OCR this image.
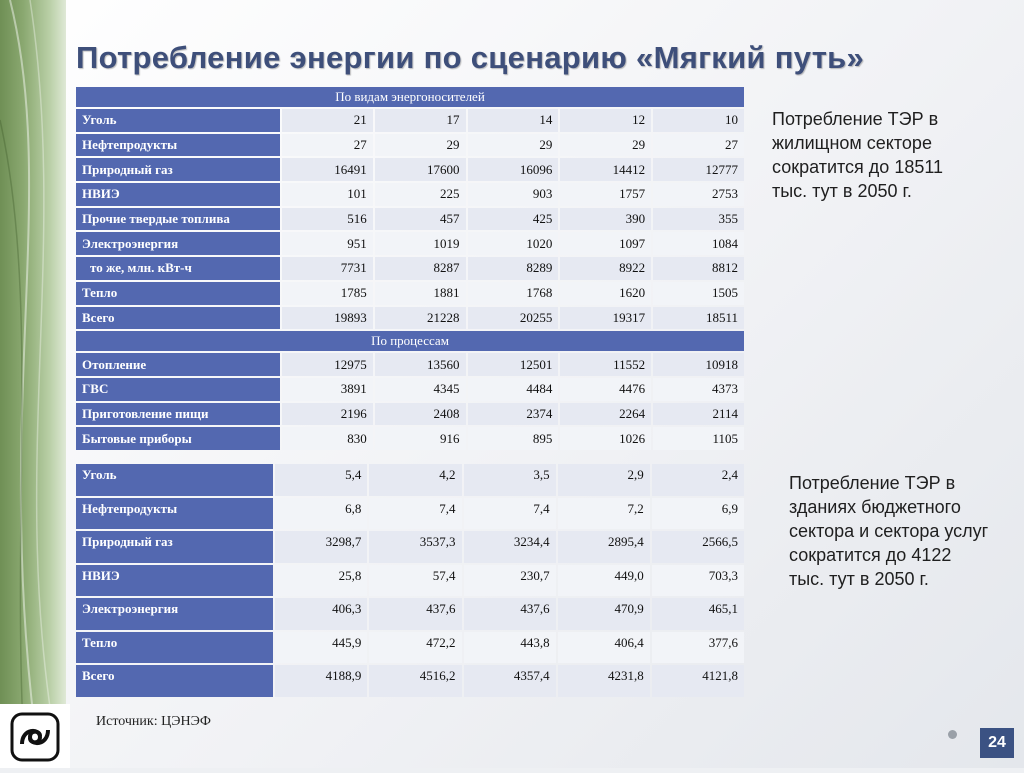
Потребление энергии по сценарию «Мягкий путь»
По видам энергоносителей					
Уголь	21	17	14	12	10
Нефтепродукты	27	29	29	29	27
Природный газ	16491	17600	16096	14412	12777
НВИЭ	101	225	903	1757	2753
Прочие твердые топлива	516	457	425	390	355
Электроэнергия	951	1019	1020	1097	1084
то же, млн. кВт-ч	7731	8287	8289	8922	8812
Тепло	1785	1881	1768	1620	1505
Всего	19893	21228	20255	19317	18511
По процессам					
Отопление	12975	13560	12501	11552	10918
ГВС	3891	4345	4484	4476	4373
Приготовление пищи	2196	2408	2374	2264	2114
Бытовые приборы	830	916	895	1026	1105
Уголь	5,4	4,2	3,5	2,9	2,4
Нефтепродукты	6,8	7,4	7,4	7,2	6,9
Природный газ	3298,7	3537,3	3234,4	2895,4	2566,5
НВИЭ	25,8	57,4	230,7	449,0	703,3
Электроэнергия	406,3	437,6	437,6	470,9	465,1
Тепло	445,9	472,2	443,8	406,4	377,6
Всего	4188,9	4516,2	4357,4	4231,8	4121,8
Потребление ТЭР в жилищном секторе сократится до 18511 тыс. тут в 2050 г.
Потребление ТЭР в зданиях бюджетного сектора и сектора услуг сократится до 4122 тыс. тут в 2050 г.
Источник: ЦЭНЭФ
24
